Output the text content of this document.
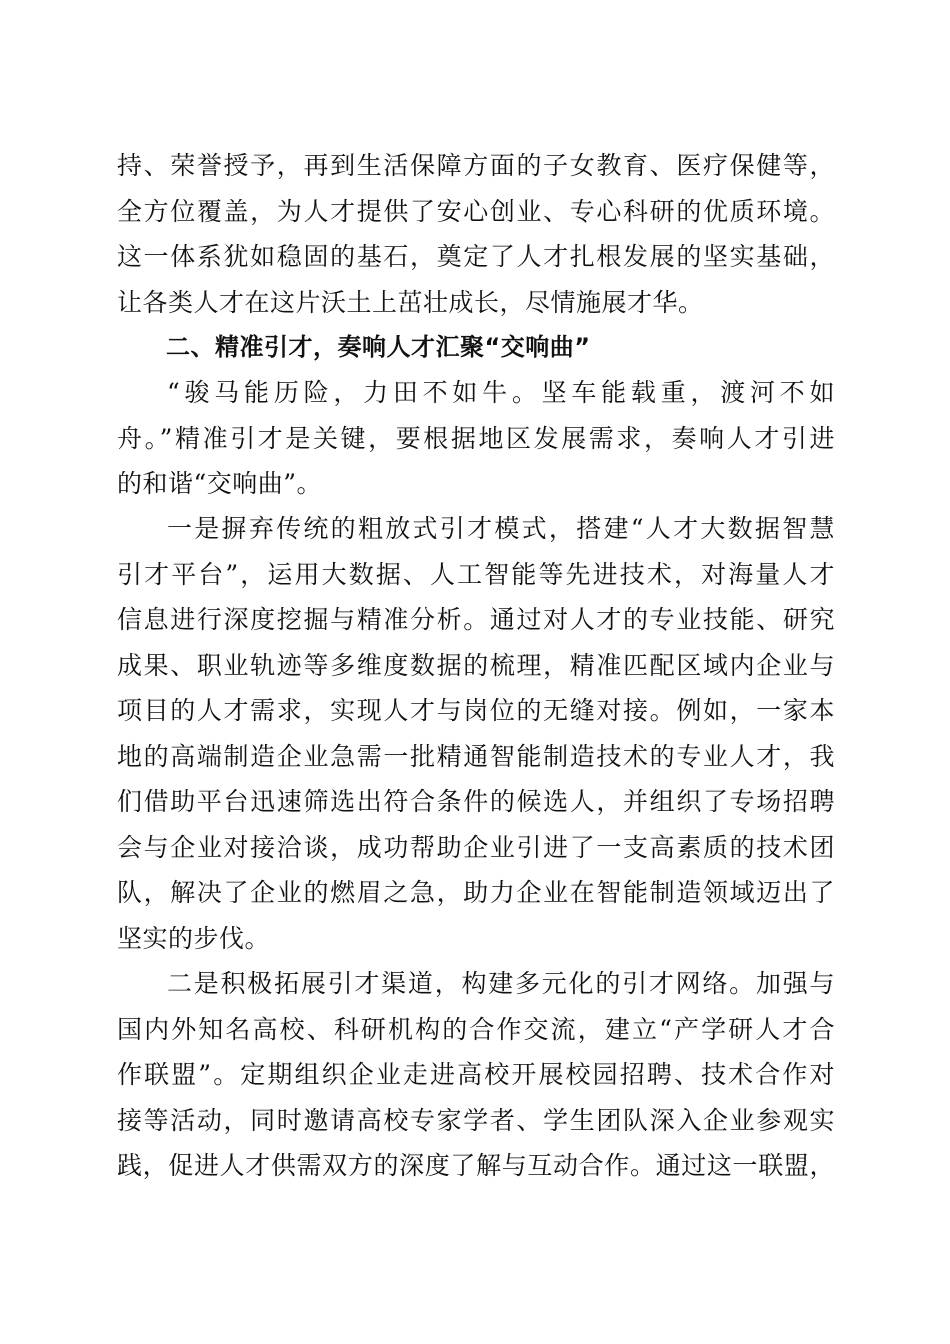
持、荣誉授予，再到生活保障方面的子女教育、医疗保健等，
全方位覆盖，为人才提供了安心创业、专心科研的优质环境。
这一体系犹如稳固的基石，奠定了人才扎根发展的坚实基础，
让各类人才在这片沃土上茁壮成长，尽情施展才华。
二、精准引才，奏响人才汇聚“交响曲”
“骏马能历险，力田不如牛。坚车能载重，渡河不如
舟。”精准引才是关键，要根据地区发展需求，奏响人才引进
的和谐“交响曲”。
一是摒弃传统的粗放式引才模式，搭建“人才大数据智慧
引才平台”，运用大数据、人工智能等先进技术，对海量人才
信息进行深度挖掘与精准分析。通过对人才的专业技能、研究
成果、职业轨迹等多维度数据的梳理，精准匹配区域内企业与
项目的人才需求，实现人才与岗位的无缝对接。例如，一家本
地的高端制造企业急需一批精通智能制造技术的专业人才，我
们借助平台迅速筛选出符合条件的候选人，并组织了专场招聘
会与企业对接洽谈，成功帮助企业引进了一支高素质的技术团
队，解决了企业的燃眉之急，助力企业在智能制造领域迈出了
坚实的步伐。
二是积极拓展引才渠道，构建多元化的引才网络。加强与
国内外知名高校、科研机构的合作交流，建立“产学研人才合
作联盟”。定期组织企业走进高校开展校园招聘、技术合作对
接等活动，同时邀请高校专家学者、学生团队深入企业参观实
践，促进人才供需双方的深度了解与互动合作。通过这一联盟，
